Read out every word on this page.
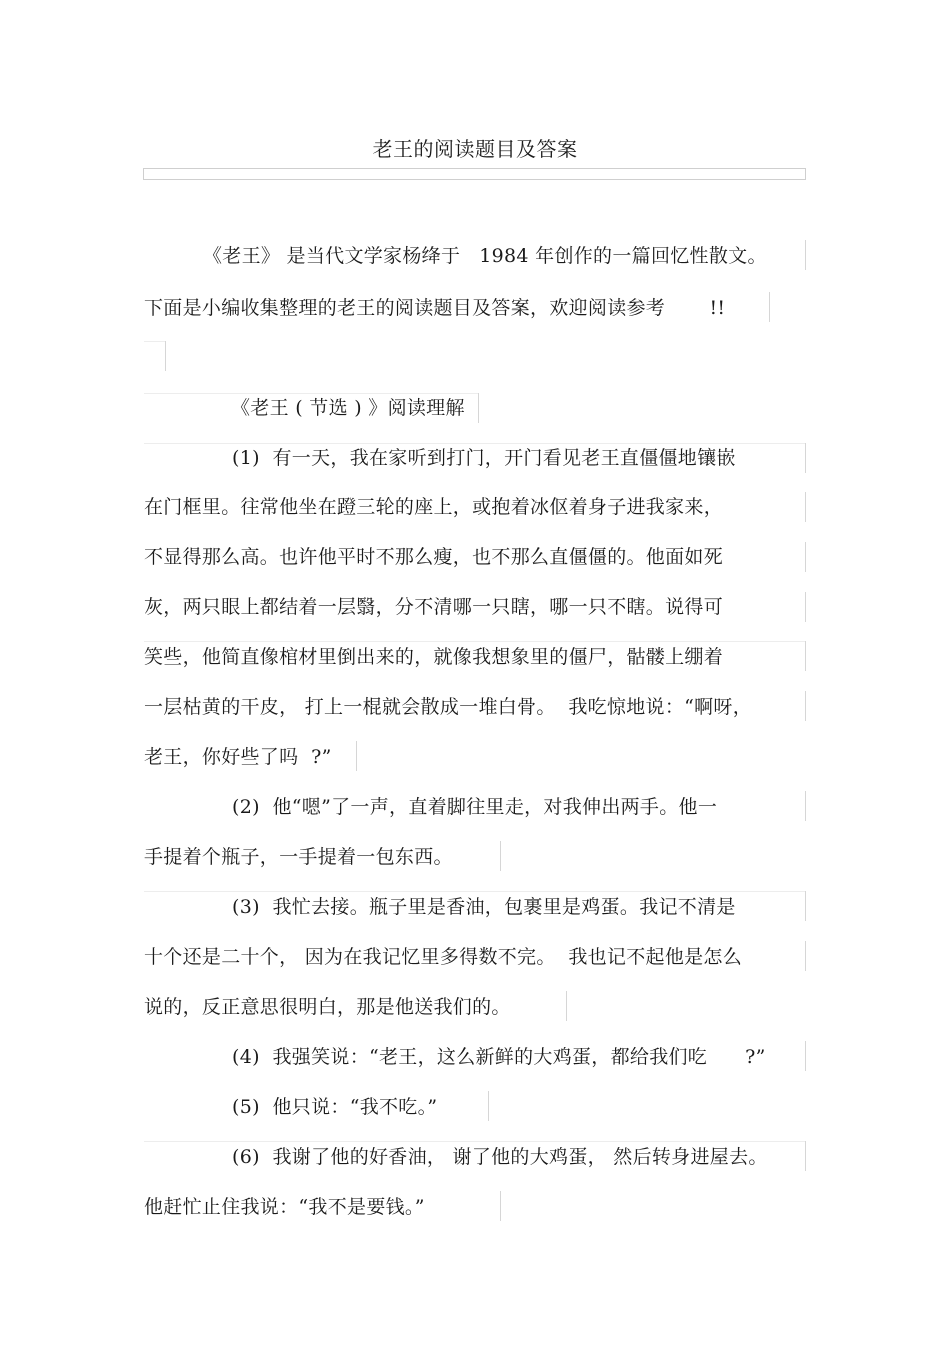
老王的阅读题目及答案
《老王》 是当代文学家杨绛于   1984 年创作的一篇回忆性散文。
下面是小编收集整理的老王的阅读题目及答案，欢迎阅读参考       !!
《老王 ( 节选 ) 》阅读理解
(1)  有一天，我在家听到打门，开门看见老王直僵僵地镶嵌
在门框里。往常他坐在蹬三轮的座上，或抱着冰伛着身子进我家来，
不显得那么高。也许他平时不那么瘦，也不那么直僵僵的。他面如死
灰，两只眼上都结着一层翳，分不清哪一只瞎，哪一只不瞎。说得可
笑些，他简直像棺材里倒出来的，就像我想象里的僵尸，骷髅上绷着
一层枯黄的干皮， 打上一棍就会散成一堆白骨。  我吃惊地说：“啊呀，
老王，你好些了吗  ?”
(2)  他“嗯”了一声，直着脚往里走，对我伸出两手。他一
手提着个瓶子，一手提着一包东西。
(3)  我忙去接。瓶子里是香油，包裹里是鸡蛋。我记不清是
十个还是二十个， 因为在我记忆里多得数不完。  我也记不起他是怎么
说的，反正意思很明白，那是他送我们的。
(4)  我强笑说：“老王，这么新鲜的大鸡蛋，都给我们吃      ?”
(5)  他只说：“我不吃。”
(6)  我谢了他的好香油， 谢了他的大鸡蛋， 然后转身进屋去。
他赶忙止住我说：“我不是要钱。”
